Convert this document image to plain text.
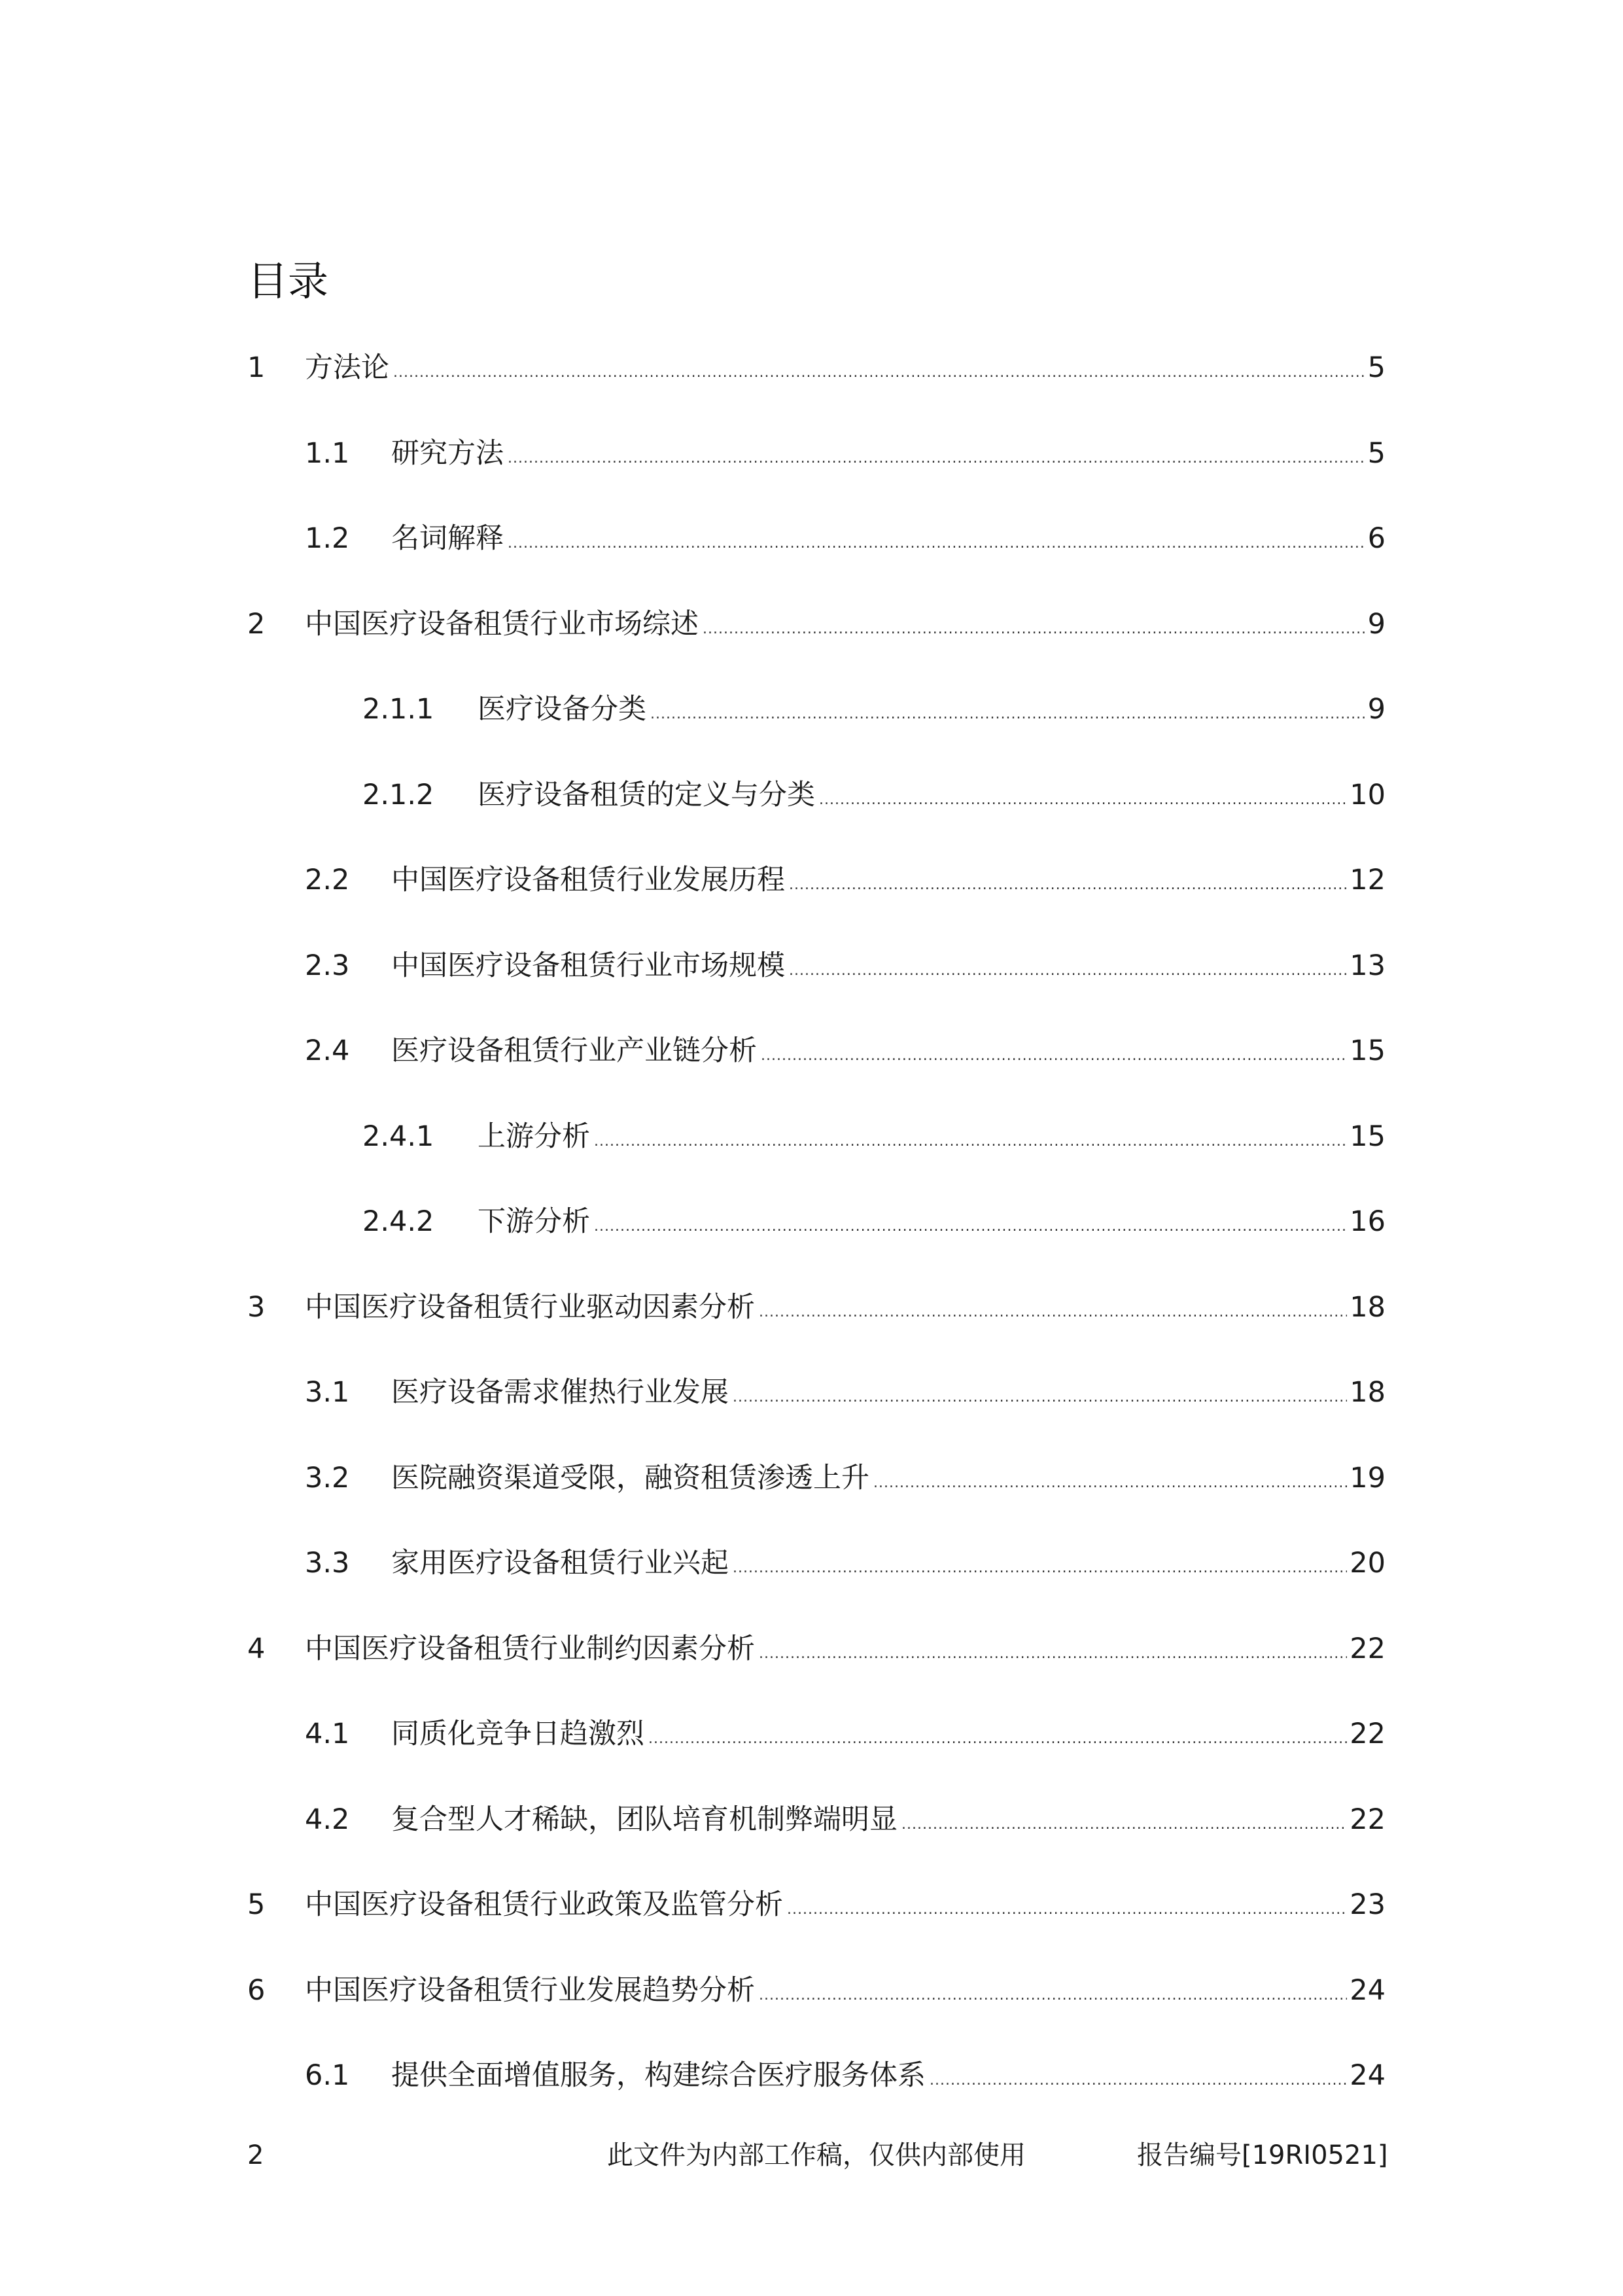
目录
1	方法论 .....	5
1.1	研究方法 .....	5
1.2	名词解释 .....	6
2	中国医疗设备租赁行业市场综述 .....	9
2.1.1	医疗设备分类 .....	9
2.1.2	医疗设备租赁的定义与分类 .....	10
2.2	中国医疗设备租赁行业发展历程 .....	12
2.3	中国医疗设备租赁行业市场规模 .....	13
2.4	医疗设备租赁行业产业链分析 .....	15
2.4.1	上游分析 .....	15
2.4.2	下游分析 .....	16
3	中国医疗设备租赁行业驱动因素分析 .....	18
3.1	医疗设备需求催热行业发展 .....	18
3.2	医院融资渠道受限，融资租赁渗透上升 .....	19
3.3	家用医疗设备租赁行业兴起 .....	20
4	中国医疗设备租赁行业制约因素分析 .....	22
4.1	同质化竞争日趋激烈 .....	22
4.2	复合型人才稀缺，团队培育机制弊端明显 .....	22
5	中国医疗设备租赁行业政策及监管分析 .....	23
6	中国医疗设备租赁行业发展趋势分析 .....	24
6.1	提供全面增值服务，构建综合医疗服务体系 .....	24
2	此文件为内部工作稿，仅供内部使用	报告编号[19RI0521]
